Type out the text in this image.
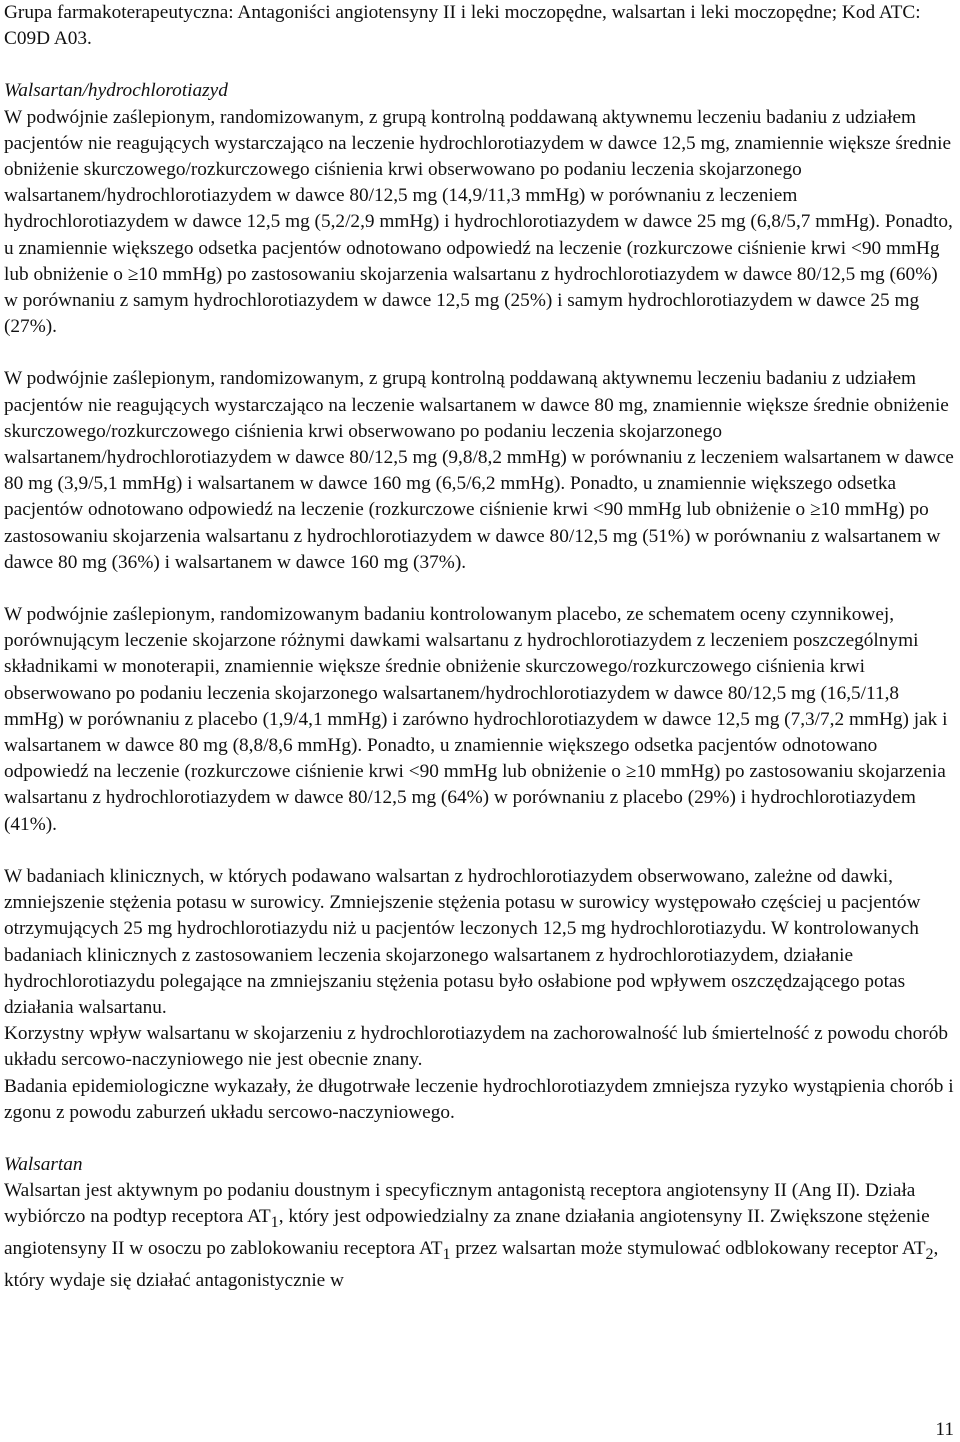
Grupa farmakoterapeutyczna: Antagoniści angiotensyny II i leki moczopędne, walsartan i leki moczopędne; Kod ATC: C09D A03.

Walsartan/hydrochlorotiazyd

W podwójnie zaślepionym, randomizowanym, z grupą kontrolną poddawaną aktywnemu leczeniu badaniu z udziałem pacjentów nie reagujących wystarczająco na leczenie hydrochlorotiazydem w dawce 12,5 mg, znamiennie większe średnie obniżenie skurczowego/rozkurczowego ciśnienia krwi obserwowano po podaniu leczenia skojarzonego walsartanem/hydrochlorotiazydem w dawce 80/12,5 mg (14,9/11,3 mmHg) w porównaniu z leczeniem hydrochlorotiazydem w dawce 12,5 mg (5,2/2,9 mmHg) i hydrochlorotiazydem w dawce 25 mg (6,8/5,7 mmHg). Ponadto, u znamiennie większego odsetka pacjentów odnotowano odpowiedź na leczenie (rozkurczowe ciśnienie krwi <90 mmHg lub obniżenie o ≥10 mmHg) po zastosowaniu skojarzenia walsartanu z hydrochlorotiazydem w dawce 80/12,5 mg (60%) w porównaniu z samym hydrochlorotiazydem w dawce 12,5 mg (25%) i samym hydrochlorotiazydem w dawce 25 mg (27%).

W podwójnie zaślepionym, randomizowanym, z grupą kontrolną poddawaną aktywnemu leczeniu badaniu z udziałem pacjentów nie reagujących wystarczająco na leczenie walsartanem w dawce 80 mg, znamiennie większe średnie obniżenie skurczowego/rozkurczowego ciśnienia krwi obserwowano po podaniu leczenia skojarzonego walsartanem/hydrochlorotiazydem w dawce 80/12,5 mg (9,8/8,2 mmHg) w porównaniu z leczeniem walsartanem w dawce 80 mg (3,9/5,1 mmHg) i walsartanem w dawce 160 mg (6,5/6,2 mmHg). Ponadto, u znamiennie większego odsetka pacjentów odnotowano odpowiedź na leczenie (rozkurczowe ciśnienie krwi <90 mmHg lub obniżenie o ≥10 mmHg) po zastosowaniu skojarzenia walsartanu z hydrochlorotiazydem w dawce 80/12,5 mg (51%) w porównaniu z walsartanem w dawce 80 mg (36%) i walsartanem w dawce 160 mg (37%).

W podwójnie zaślepionym, randomizowanym badaniu kontrolowanym placebo, ze schematem oceny czynnikowej, porównującym leczenie skojarzone różnymi dawkami walsartanu z hydrochlorotiazydem z leczeniem poszczególnymi składnikami w monoterapii, znamiennie większe średnie obniżenie skurczowego/rozkurczowego ciśnienia krwi obserwowano po podaniu leczenia skojarzonego walsartanem/hydrochlorotiazydem w dawce 80/12,5 mg (16,5/11,8 mmHg) w porównaniu z placebo (1,9/4,1 mmHg) i zarówno hydrochlorotiazydem w dawce 12,5 mg (7,3/7,2 mmHg) jak i walsartanem w dawce 80 mg (8,8/8,6 mmHg). Ponadto, u znamiennie większego odsetka pacjentów odnotowano odpowiedź na leczenie (rozkurczowe ciśnienie krwi <90 mmHg lub obniżenie o ≥10 mmHg) po zastosowaniu skojarzenia walsartanu z hydrochlorotiazydem w dawce 80/12,5 mg (64%) w porównaniu z placebo (29%) i hydrochlorotiazydem (41%).

W badaniach klinicznych, w których podawano walsartan z hydrochlorotiazydem obserwowano, zależne od dawki, zmniejszenie stężenia potasu w surowicy. Zmniejszenie stężenia potasu w surowicy występowało częściej u pacjentów otrzymujących 25 mg hydrochlorotiazydu niż u pacjentów leczonych 12,5 mg hydrochlorotiazydu. W kontrolowanych badaniach klinicznych z zastosowaniem leczenia skojarzonego walsartanem z hydrochlorotiazydem, działanie hydrochlorotiazydu polegające na zmniejszaniu stężenia potasu było osłabione pod wpływem oszczędzającego potas działania walsartanu.

Korzystny wpływ walsartanu w skojarzeniu z hydrochlorotiazydem na zachorowalność lub śmiertelność z powodu chorób układu sercowo-naczyniowego nie jest obecnie znany.

Badania epidemiologiczne wykazały, że długotrwałe leczenie hydrochlorotiazydem zmniejsza ryzyko wystąpienia chorób i zgonu z powodu zaburzeń układu sercowo-naczyniowego.

Walsartan

Walsartan jest aktywnym po podaniu doustnym i specyficznym antagonistą receptora angiotensyny II (Ang II). Działa wybiórczo na podtyp receptora $AT_1$, który jest odpowiedzialny za znane działania angiotensyny II. Zwiększone stężenie angiotensyny II w osoczu po zablokowaniu receptora $AT_1$ przez walsartan może stymulować odblokowany receptor $AT_2$, który wydaje się działać antagonistycznie w

11
